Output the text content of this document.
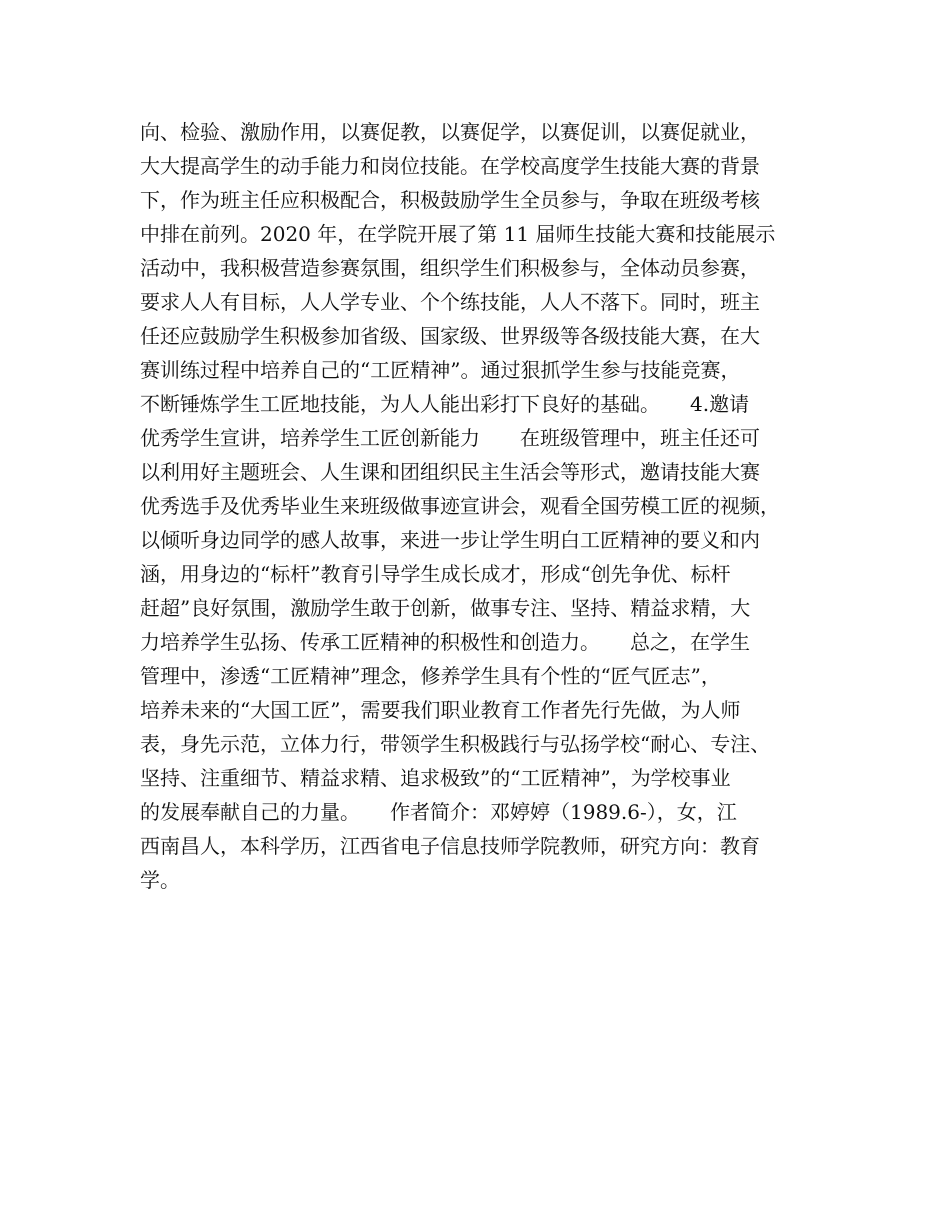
向、检验、激励作用，以赛促教，以赛促学，以赛促训，以赛促就业，
大大提高学生的动手能力和岗位技能。在学校高度学生技能大赛的背景
下，作为班主任应积极配合，积极鼓励学生全员参与，争取在班级考核
中排在前列。2020 年，在学院开展了第 11 届师生技能大赛和技能展示
活动中，我积极营造参赛氛围，组织学生们积极参与，全体动员参赛，
要求人人有目标，人人学专业、个个练技能，人人不落下。同时，班主
任还应鼓励学生积极参加省级、国家级、世界级等各级技能大赛，在大
赛训练过程中培养自己的“工匠精神”。通过狠抓学生参与技能竞赛，
不断锤炼学生工匠地技能，为人人能出彩打下良好的基础。　　4.邀请
优秀学生宣讲，培养学生工匠创新能力　　在班级管理中，班主任还可
以利用好主题班会、人生课和团组织民主生活会等形式，邀请技能大赛
优秀选手及优秀毕业生来班级做事迹宣讲会，观看全国劳模工匠的视频，
以倾听身边同学的感人故事，来进一步让学生明白工匠精神的要义和内
涵，用身边的“标杆”教育引导学生成长成才，形成“创先争优、标杆
赶超”良好氛围，激励学生敢于创新，做事专注、坚持、精益求精，大
力培养学生弘扬、传承工匠精神的积极性和创造力。　　总之，在学生
管理中，渗透“工匠精神”理念，修养学生具有个性的“匠气匠志”，
培养未来的“大国工匠”，需要我们职业教育工作者先行先做，为人师
表，身先示范，立体力行，带领学生积极践行与弘扬学校“耐心、专注、
坚持、注重细节、精益求精、追求极致”的“工匠精神”，为学校事业
的发展奉献自己的力量。　　作者简介：邓婷婷（1989.6-），女，江
西南昌人，本科学历，江西省电子信息技师学院教师，研究方向：教育
学。
